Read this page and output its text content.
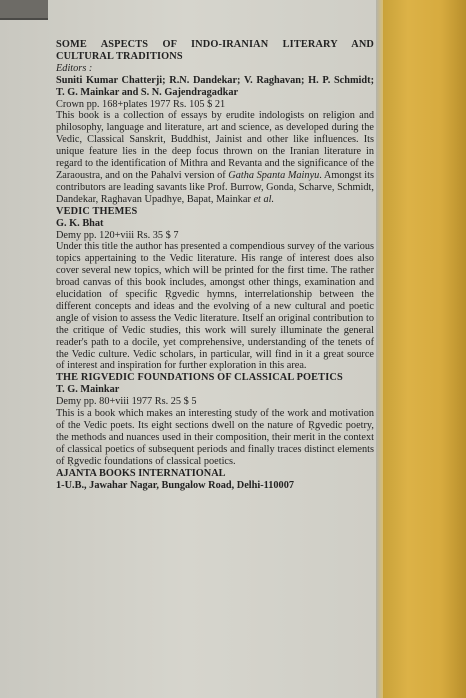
SOME ASPECTS OF INDO-IRANIAN LITERARY AND CULTURAL TRADITIONS

Editors :

Suniti Kumar Chatterji; R.N. Dandekar; V. Raghavan; H. P. Schmidt; T. G. Mainkar and S. N. Gajendragadkar

Crown pp. 168+plates 1977 Rs. 105 $ 21

This book is a collection of essays by erudite indologists on religion and philosophy, language and literature, art and science, as developed during the Vedic, Classical Sanskrit, Buddhist, Jainist and other like influences. Its unique feature lies in the deep focus thrown on the Iranian literature in regard to the identification of Mithra and Revanta and the significance of the Zaraoustra, and on the Pahalvi version of Gatha Spanta Mainyu. Amongst its contributors are leading savants like Prof. Burrow, Gonda, Scharve, Schmidt, Dandekar, Raghavan Upadhye, Bapat, Mainkar et al.

VEDIC THEMES

G. K. Bhat

Demy pp. 120+viii Rs. 35 $ 7

Under this title the author has presented a compendious survey of the various topics appertaining to the Vedic literature. His range of interest does also cover several new topics, which will be printed for the first time. The rather broad canvas of this book includes, amongst other things, examination and elucidation of specific Ṛgvedic hymns, interrelationship between the different concepts and ideas and the evolving of a new cultural and poetic angle of vision to assess the Vedic literature. Itself an original contribution to the critique of Vedic studies, this work will surely illuminate the general reader's path to a docile, yet comprehensive, understanding of the tenets of the Vedic culture. Vedic scholars, in particular, will find in it a great source of interest and inspiration for further exploration in this area.

THE RIGVEDIC FOUNDATIONS OF CLASSICAL POETICS

T. G. Mainkar

Demy pp. 80+viii 1977 Rs. 25 $ 5

This is a book which makes an interesting study of the work and motivation of the Vedic poets. Its eight sections dwell on the nature of Ṛgvedic poetry, the methods and nuances used in their composition, their merit in the context of classical poetics of subsequent periods and finally traces distinct elements of Ṛgvedic foundations of classical poetics.

AJANTA BOOKS INTERNATIONAL

1-U.B., Jawahar Nagar, Bungalow Road, Delhi-110007
